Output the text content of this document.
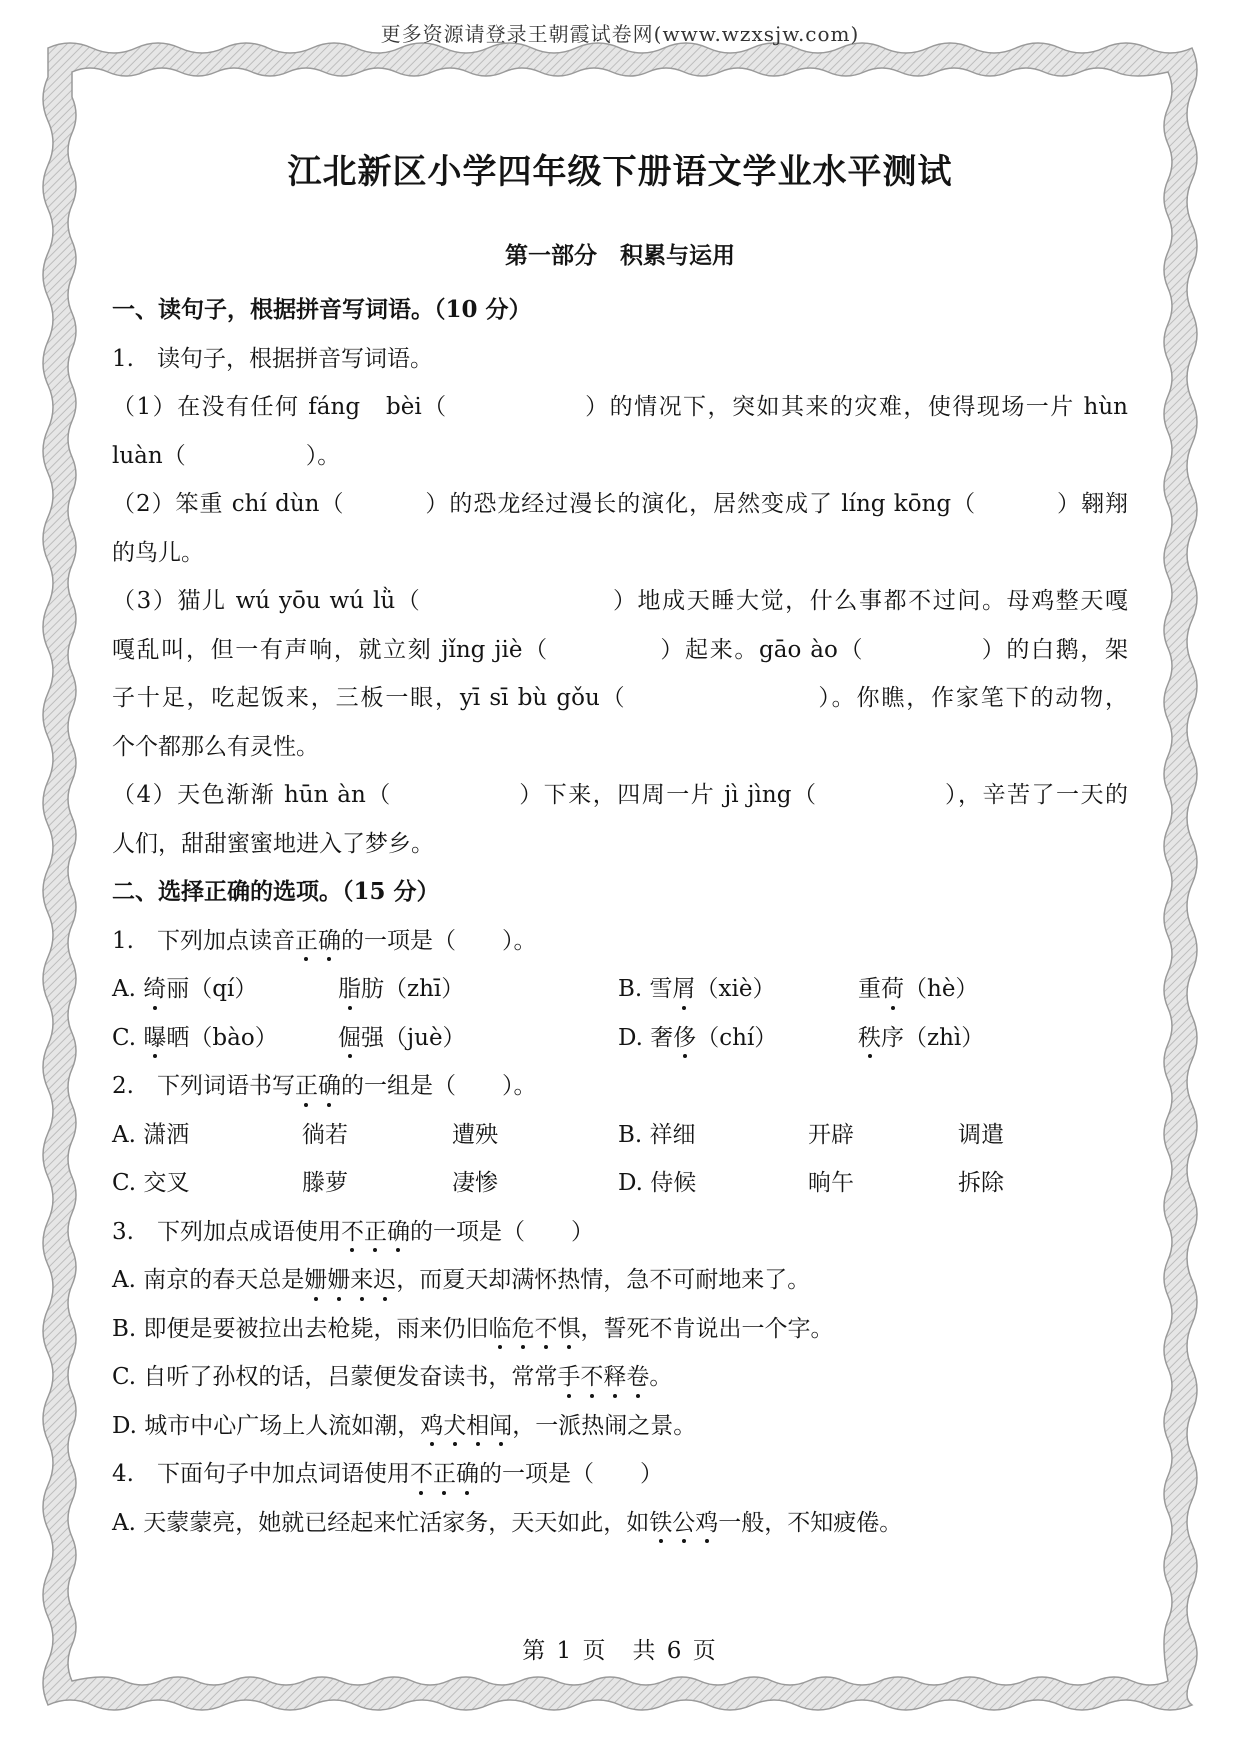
更多资源请登录王朝霞试卷网(www.wzxsjw.com)
江北新区小学四年级下册语文学业水平测试
第一部分　积累与运用
一、读句子，根据拼音写词语。（10 分）
1.　读句子，根据拼音写词语。
（1）在没有任何 fáng　bèi（	）的情况下，突如其来的灾难，使得现场一片 hùn
luàn（	）。
（2）笨重 chí dùn（	）的恐龙经过漫长的演化，居然变成了 líng kōng（	）翱翔
的鸟儿。
（3）猫儿 wú yōu wú lǜ（	）地成天睡大觉，什么事都不过问。母鸡整天嘎
嘎乱叫，但一有声响，就立刻 jǐng jiè（	）起来。gāo ào（	）的白鹅，架
子十足，吃起饭来，三板一眼，yī sī bù gǒu（	）。你瞧，作家笔下的动物，
个个都那么有灵性。
（4）天色渐渐 hūn àn（	）下来，四周一片 jì jìng（	），辛苦了一天的
人们，甜甜蜜蜜地进入了梦乡。
二、选择正确的选项。（15 分）
1.　下列加点读音正确的一项是（　　）。
A. 绮丽（qí）	脂肪（zhī）	B. 雪屑（xiè）	重荷（hè）
C. 曝晒（bào）	倔强（juè）	D. 奢侈（chí）	秩序（zhì）
2.　下列词语书写正确的一组是（　　）。
A. 潇洒	徜若	遭殃	B. 祥细	开辟	调遣
C. 交叉	滕萝	凄惨	D. 侍候	晌午	拆除
3.　下列加点成语使用不正确的一项是（　　）
A. 南京的春天总是姗姗来迟，而夏天却满怀热情，急不可耐地来了。
B. 即便是要被拉出去枪毙，雨来仍旧临危不惧，誓死不肯说出一个字。
C. 自听了孙权的话，吕蒙便发奋读书，常常手不释卷。
D. 城市中心广场上人流如潮，鸡犬相闻，一派热闹之景。
4.　下面句子中加点词语使用不正确的一项是（　　）
A. 天蒙蒙亮，她就已经起来忙活家务，天天如此，如铁公鸡一般，不知疲倦。
第 1 页　共 6 页
